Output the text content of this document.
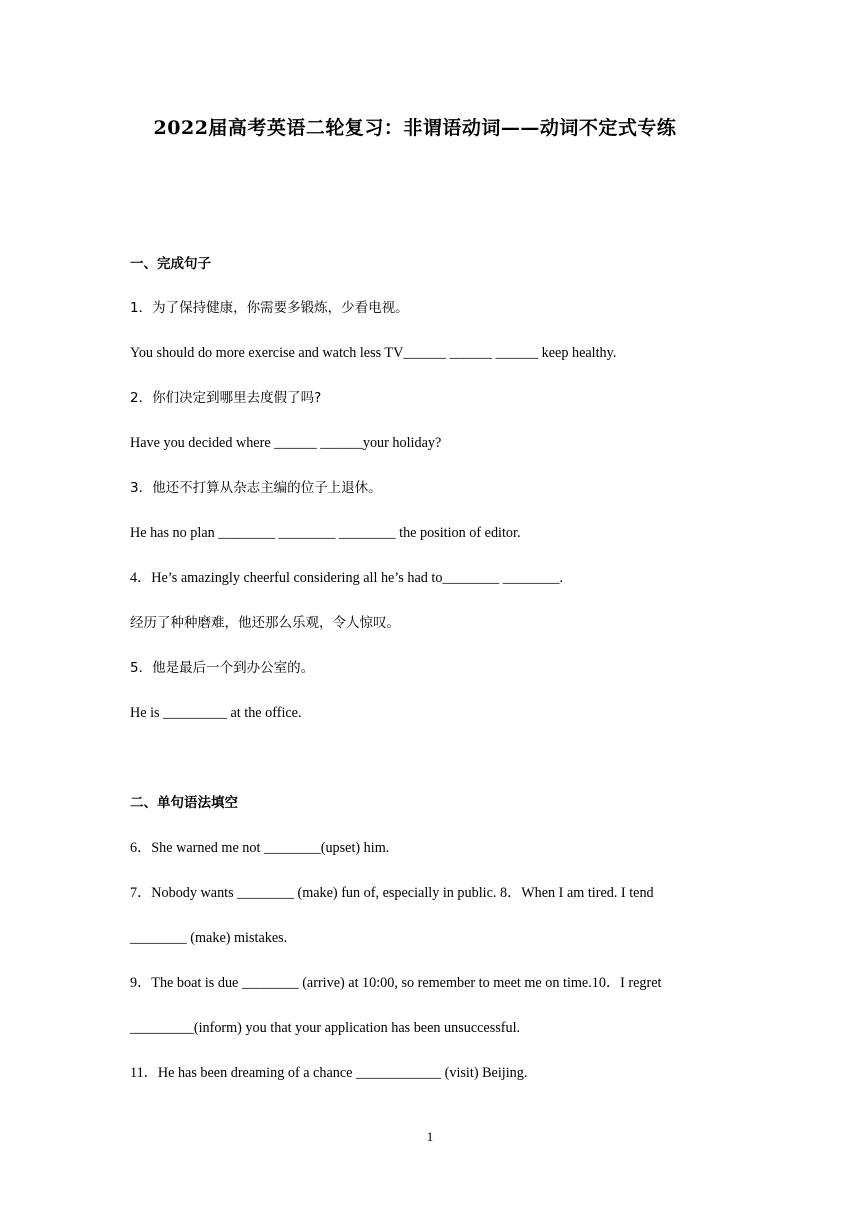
2022届高考英语二轮复习：非谓语动词——动词不定式专练
一、完成句子
1．为了保持健康，你需要多锻炼，少看电视。
You should do more exercise and watch less TV______ ______ ______ keep healthy.
2．你们决定到哪里去度假了吗?
Have you decided where ______ ______your holiday?
3．他还不打算从杂志主编的位子上退休。
He has no plan ________ ________ ________ the position of editor.
4．He’s amazingly cheerful considering all he’s had to________ ________.
经历了种种磨难，他还那么乐观，令人惊叹。
5．他是最后一个到办公室的。
He is _________ at the office.
二、单句语法填空
6．She warned me not ________(upset) him.
7．Nobody wants ________ (make) fun of, especially in public. 8．When I am tired. I tend
________ (make) mistakes.
9．The boat is due ________ (arrive) at 10:00, so remember to meet me on time.10．I regret
_________(inform) you that your application has been unsuccessful.
11．He has been dreaming of a chance ____________ (visit) Beijing.
1
